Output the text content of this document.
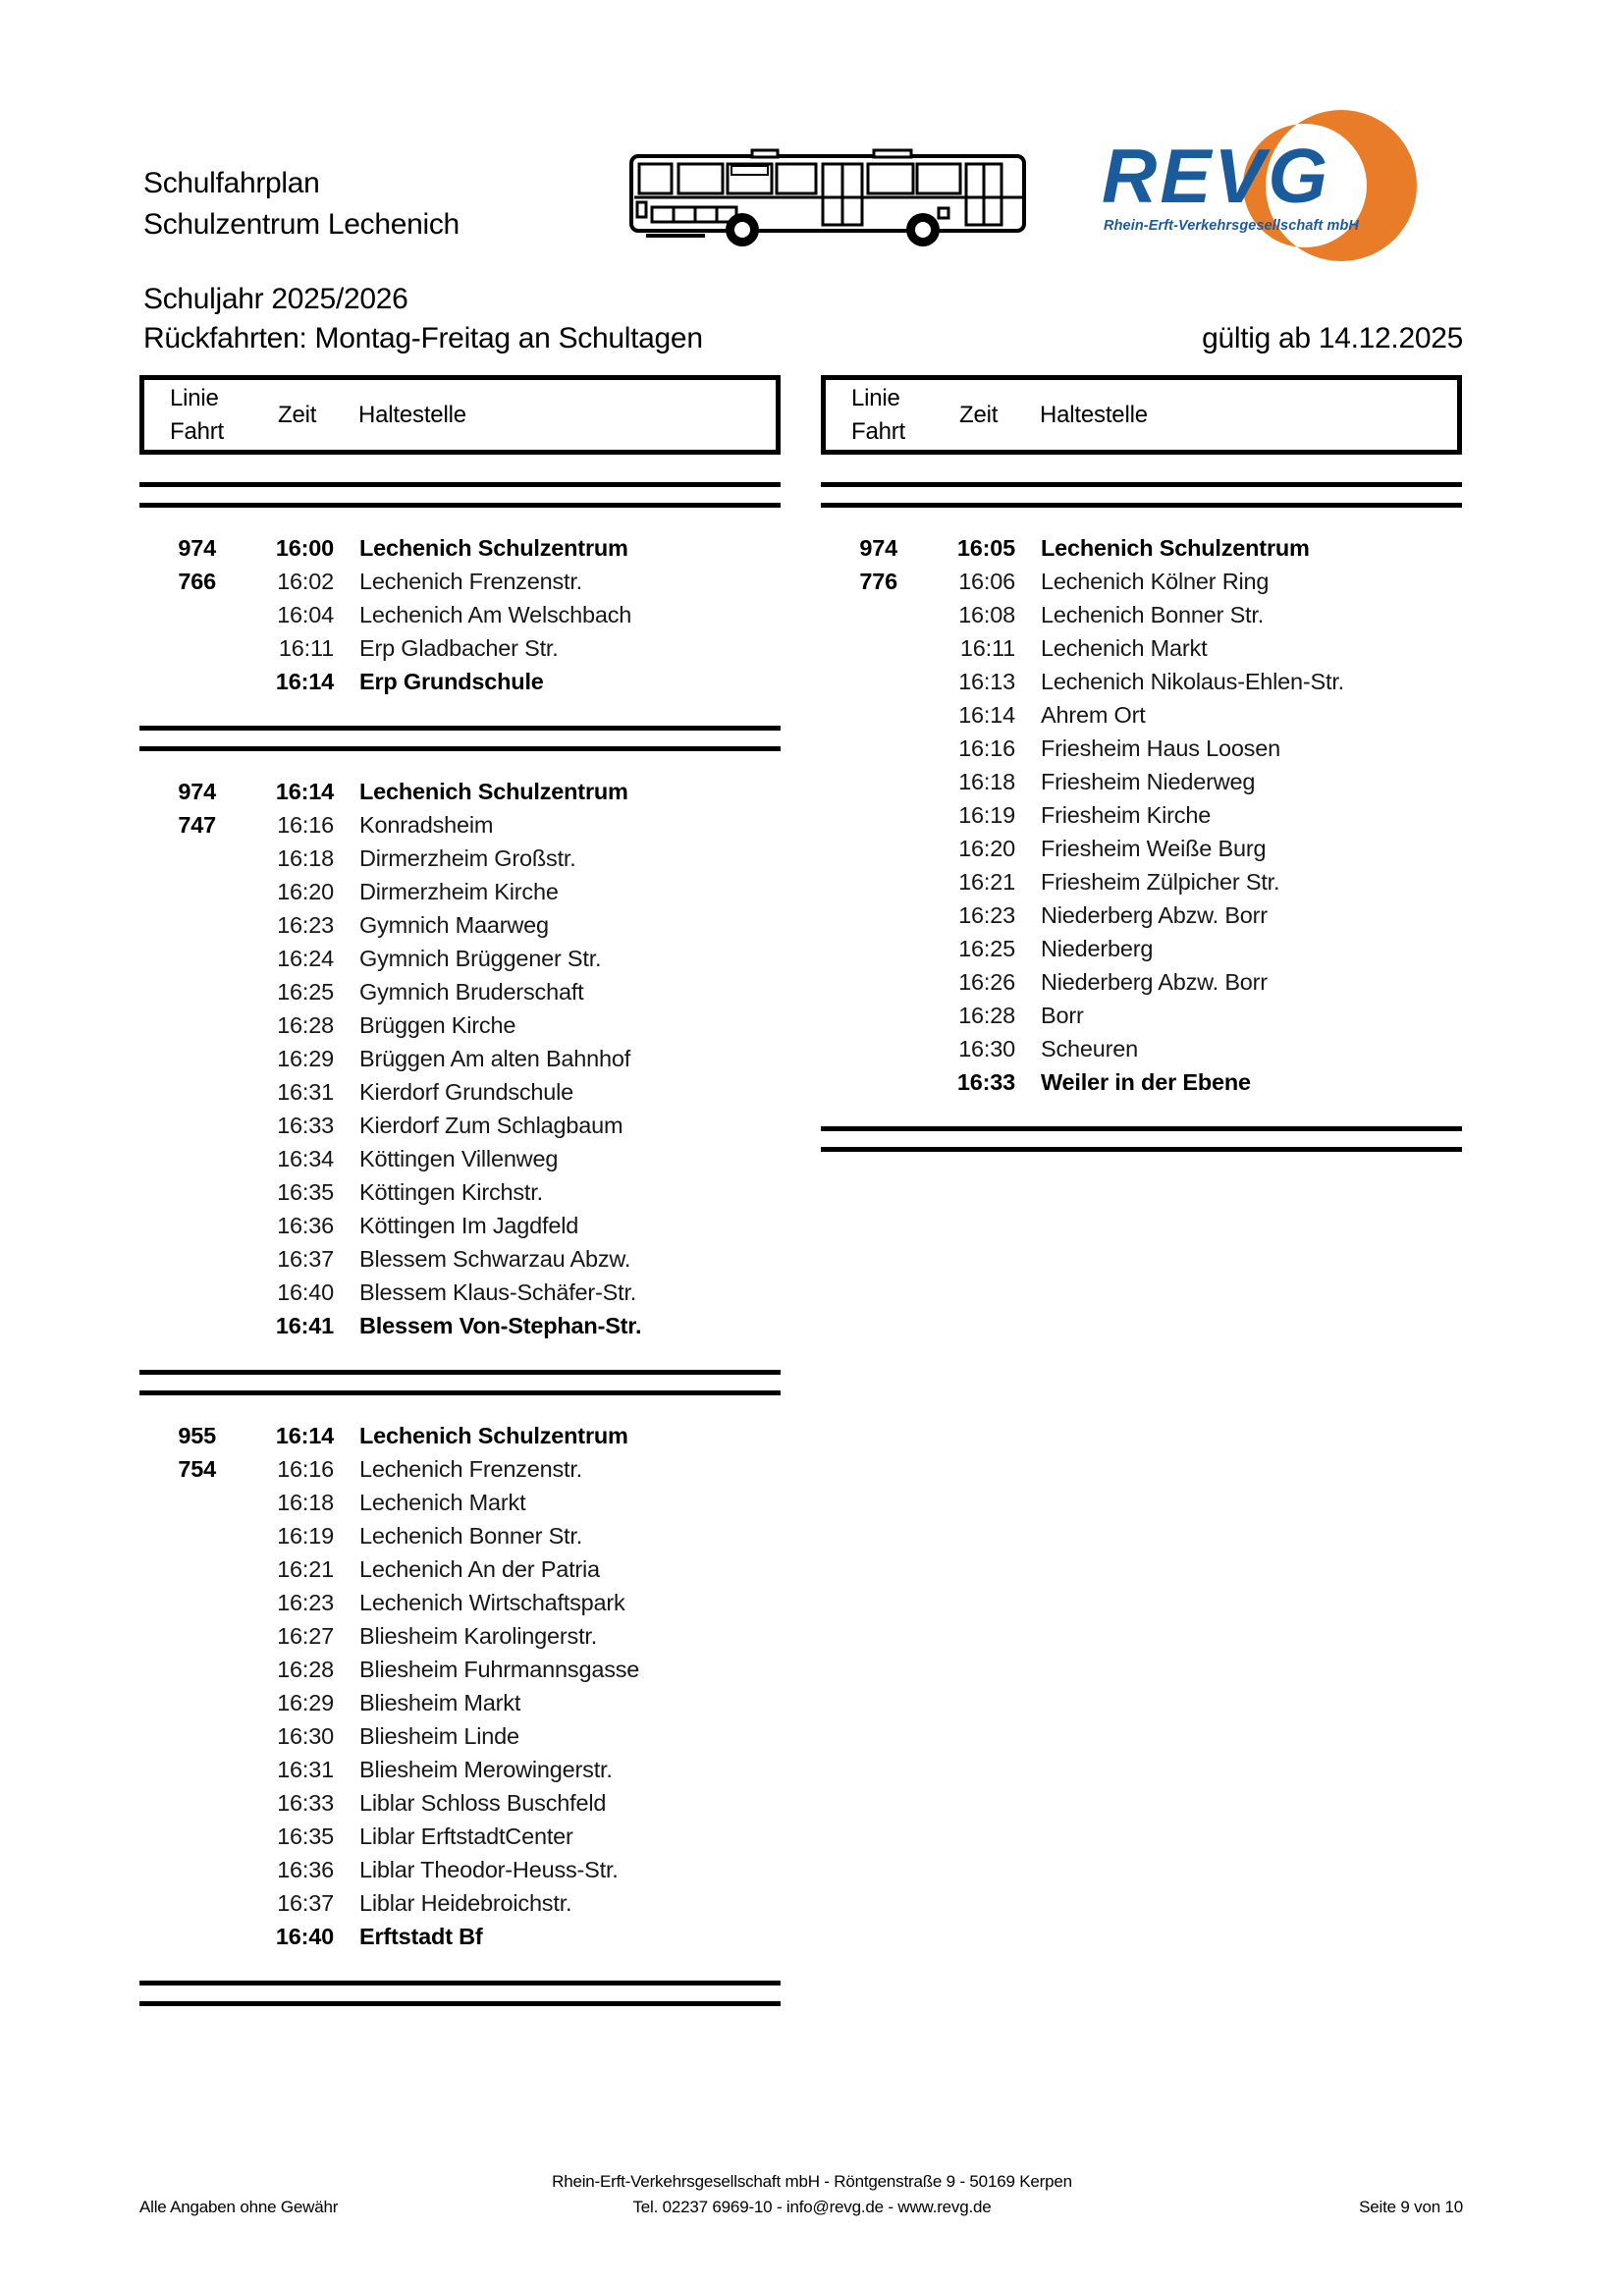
Schulfahrplan
Schulzentrum Lechenich
REVG
Rhein-Erft-Verkehrsgesellschaft mbH
Schuljahr 2025/2026
Rückfahrten: Montag-Freitag an Schultagen	gültig ab 14.12.2025
Linie
Fahrt
Zeit Haltestelle
974	16:00	Lechenich Schulzentrum
766	16:02	Lechenich Frenzenstr.
16:04	Lechenich Am Welschbach
16:11	Erp Gladbacher Str.
16:14	Erp Grundschule
974	16:14	Lechenich Schulzentrum
747	16:16	Konradsheim
16:18	Dirmerzheim Großstr.
16:20	Dirmerzheim Kirche
16:23	Gymnich Maarweg
16:24	Gymnich Brüggener Str.
16:25	Gymnich Bruderschaft
16:28	Brüggen Kirche
16:29	Brüggen Am alten Bahnhof
16:31	Kierdorf Grundschule
16:33	Kierdorf Zum Schlagbaum
16:34	Köttingen Villenweg
16:35	Köttingen Kirchstr.
16:36	Köttingen Im Jagdfeld
16:37	Blessem Schwarzau Abzw.
16:40	Blessem Klaus-Schäfer-Str.
16:41	Blessem Von-Stephan-Str.
955	16:14	Lechenich Schulzentrum
754	16:16	Lechenich Frenzenstr.
16:18	Lechenich Markt
16:19	Lechenich Bonner Str.
16:21	Lechenich An der Patria
16:23	Lechenich Wirtschaftspark
16:27	Bliesheim Karolingerstr.
16:28	Bliesheim Fuhrmannsgasse
16:29	Bliesheim Markt
16:30	Bliesheim Linde
16:31	Bliesheim Merowingerstr.
16:33	Liblar Schloss Buschfeld
16:35	Liblar ErftstadtCenter
16:36	Liblar Theodor-Heuss-Str.
16:37	Liblar Heidebroichstr.
16:40	Erftstadt Bf
Linie
Fahrt
Zeit Haltestelle
974	16:05	Lechenich Schulzentrum
776	16:06	Lechenich Kölner Ring
16:08	Lechenich Bonner Str.
16:11	Lechenich Markt
16:13	Lechenich Nikolaus-Ehlen-Str.
16:14	Ahrem Ort
16:16	Friesheim Haus Loosen
16:18	Friesheim Niederweg
16:19	Friesheim Kirche
16:20	Friesheim Weiße Burg
16:21	Friesheim Zülpicher Str.
16:23	Niederberg Abzw. Borr
16:25	Niederberg
16:26	Niederberg Abzw. Borr
16:28	Borr
16:30	Scheuren
16:33	Weiler in der Ebene
Alle Angaben ohne Gewähr
Rhein-Erft-Verkehrsgesellschaft mbH - Röntgenstraße 9 - 50169 Kerpen
Tel. 02237 6969-10 - info@revg.de - www.revg.de	Seite 9 von 10
